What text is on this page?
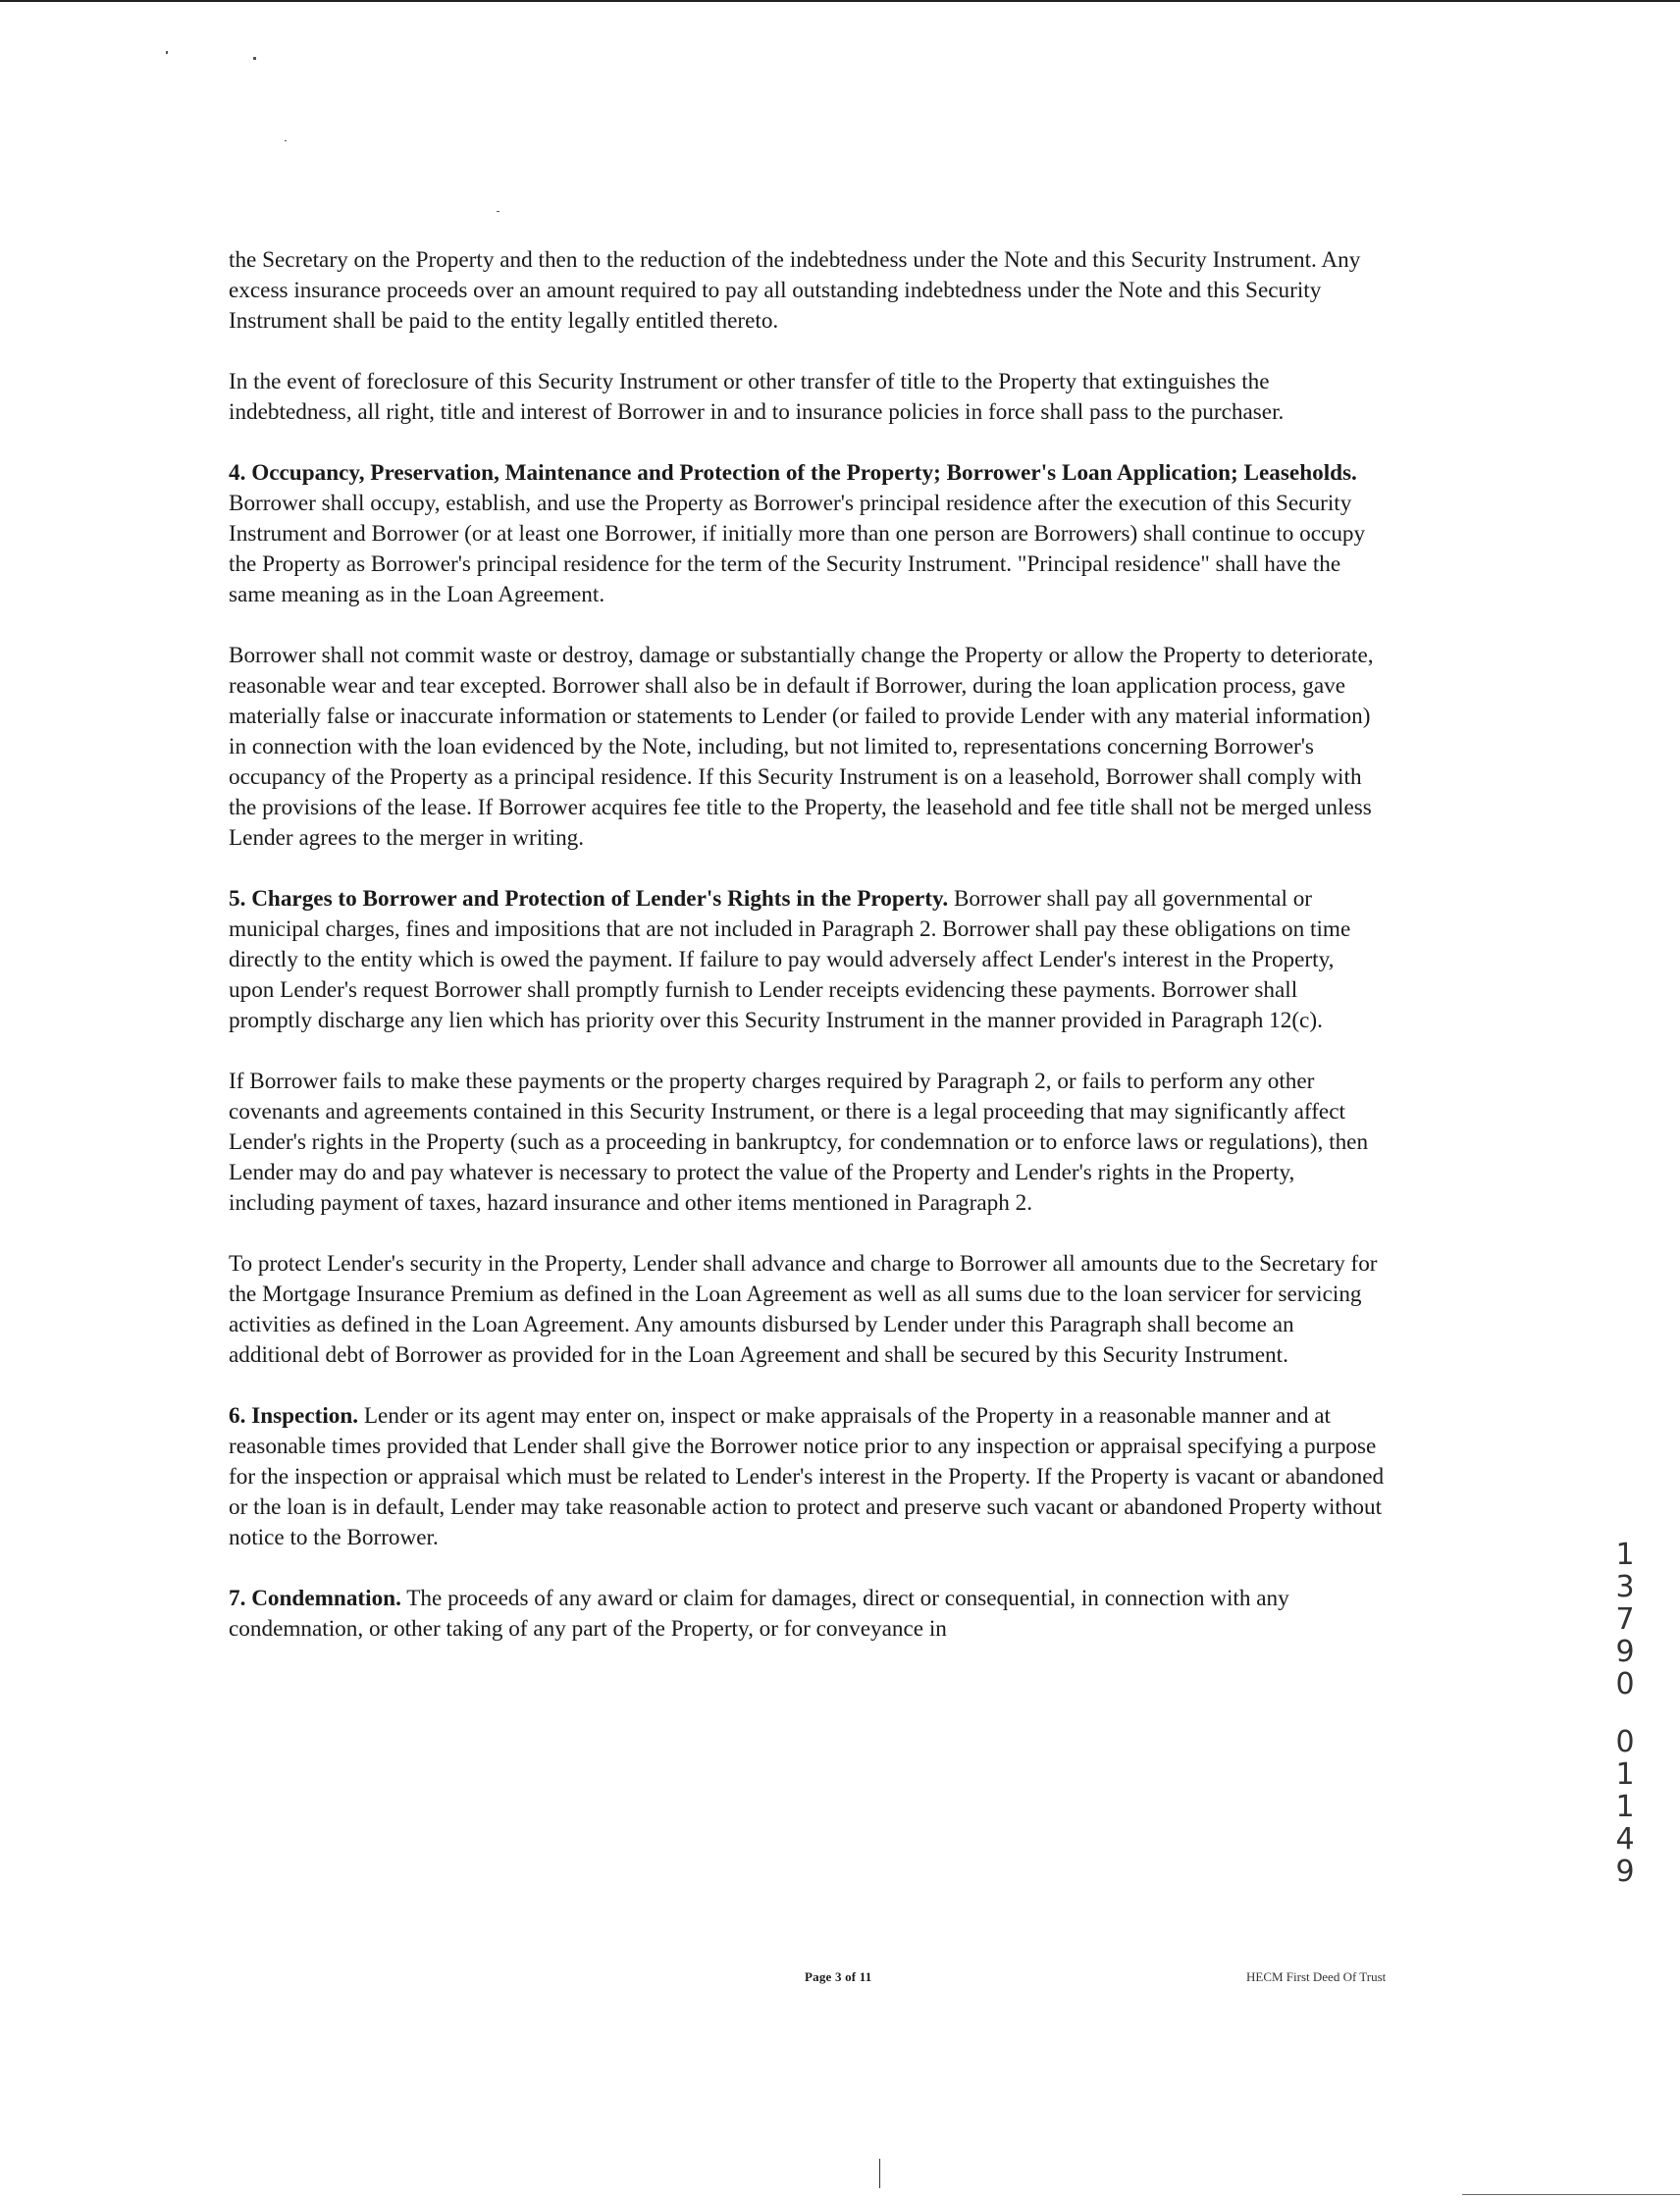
the Secretary on the Property and then to the reduction of the indebtedness under the Note and this Security Instrument. Any excess insurance proceeds over an amount required to pay all outstanding indebtedness under the Note and this Security Instrument shall be paid to the entity legally entitled thereto.

In the event of foreclosure of this Security Instrument or other transfer of title to the Property that extinguishes the indebtedness, all right, title and interest of Borrower in and to insurance policies in force shall pass to the purchaser.

4. Occupancy, Preservation, Maintenance and Protection of the Property; Borrower's Loan Application; Leaseholds. Borrower shall occupy, establish, and use the Property as Borrower's principal residence after the execution of this Security Instrument and Borrower (or at least one Borrower, if initially more than one person are Borrowers) shall continue to occupy the Property as Borrower's principal residence for the term of the Security Instrument. "Principal residence" shall have the same meaning as in the Loan Agreement.

Borrower shall not commit waste or destroy, damage or substantially change the Property or allow the Property to deteriorate, reasonable wear and tear excepted. Borrower shall also be in default if Borrower, during the loan application process, gave materially false or inaccurate information or statements to Lender (or failed to provide Lender with any material information) in connection with the loan evidenced by the Note, including, but not limited to, representations concerning Borrower's occupancy of the Property as a principal residence. If this Security Instrument is on a leasehold, Borrower shall comply with the provisions of the lease. If Borrower acquires fee title to the Property, the leasehold and fee title shall not be merged unless Lender agrees to the merger in writing.

5. Charges to Borrower and Protection of Lender's Rights in the Property. Borrower shall pay all governmental or municipal charges, fines and impositions that are not included in Paragraph 2. Borrower shall pay these obligations on time directly to the entity which is owed the payment. If failure to pay would adversely affect Lender's interest in the Property, upon Lender's request Borrower shall promptly furnish to Lender receipts evidencing these payments. Borrower shall promptly discharge any lien which has priority over this Security Instrument in the manner provided in Paragraph 12(c).

If Borrower fails to make these payments or the property charges required by Paragraph 2, or fails to perform any other covenants and agreements contained in this Security Instrument, or there is a legal proceeding that may significantly affect Lender's rights in the Property (such as a proceeding in bankruptcy, for condemnation or to enforce laws or regulations), then Lender may do and pay whatever is necessary to protect the value of the Property and Lender's rights in the Property, including payment of taxes, hazard insurance and other items mentioned in Paragraph 2.

To protect Lender's security in the Property, Lender shall advance and charge to Borrower all amounts due to the Secretary for the Mortgage Insurance Premium as defined in the Loan Agreement as well as all sums due to the loan servicer for servicing activities as defined in the Loan Agreement. Any amounts disbursed by Lender under this Paragraph shall become an additional debt of Borrower as provided for in the Loan Agreement and shall be secured by this Security Instrument.

6. Inspection. Lender or its agent may enter on, inspect or make appraisals of the Property in a reasonable manner and at reasonable times provided that Lender shall give the Borrower notice prior to any inspection or appraisal specifying a purpose for the inspection or appraisal which must be related to Lender's interest in the Property. If the Property is vacant or abandoned or the loan is in default, Lender may take reasonable action to protect and preserve such vacant or abandoned Property without notice to the Borrower.

7. Condemnation. The proceeds of any award or claim for damages, direct or consequential, in connection with any condemnation, or other taking of any part of the Property, or for conveyance in

1
3
7
9
0
0
1
1
4
9
Page 3 of 11	HECM First Deed Of Trust
